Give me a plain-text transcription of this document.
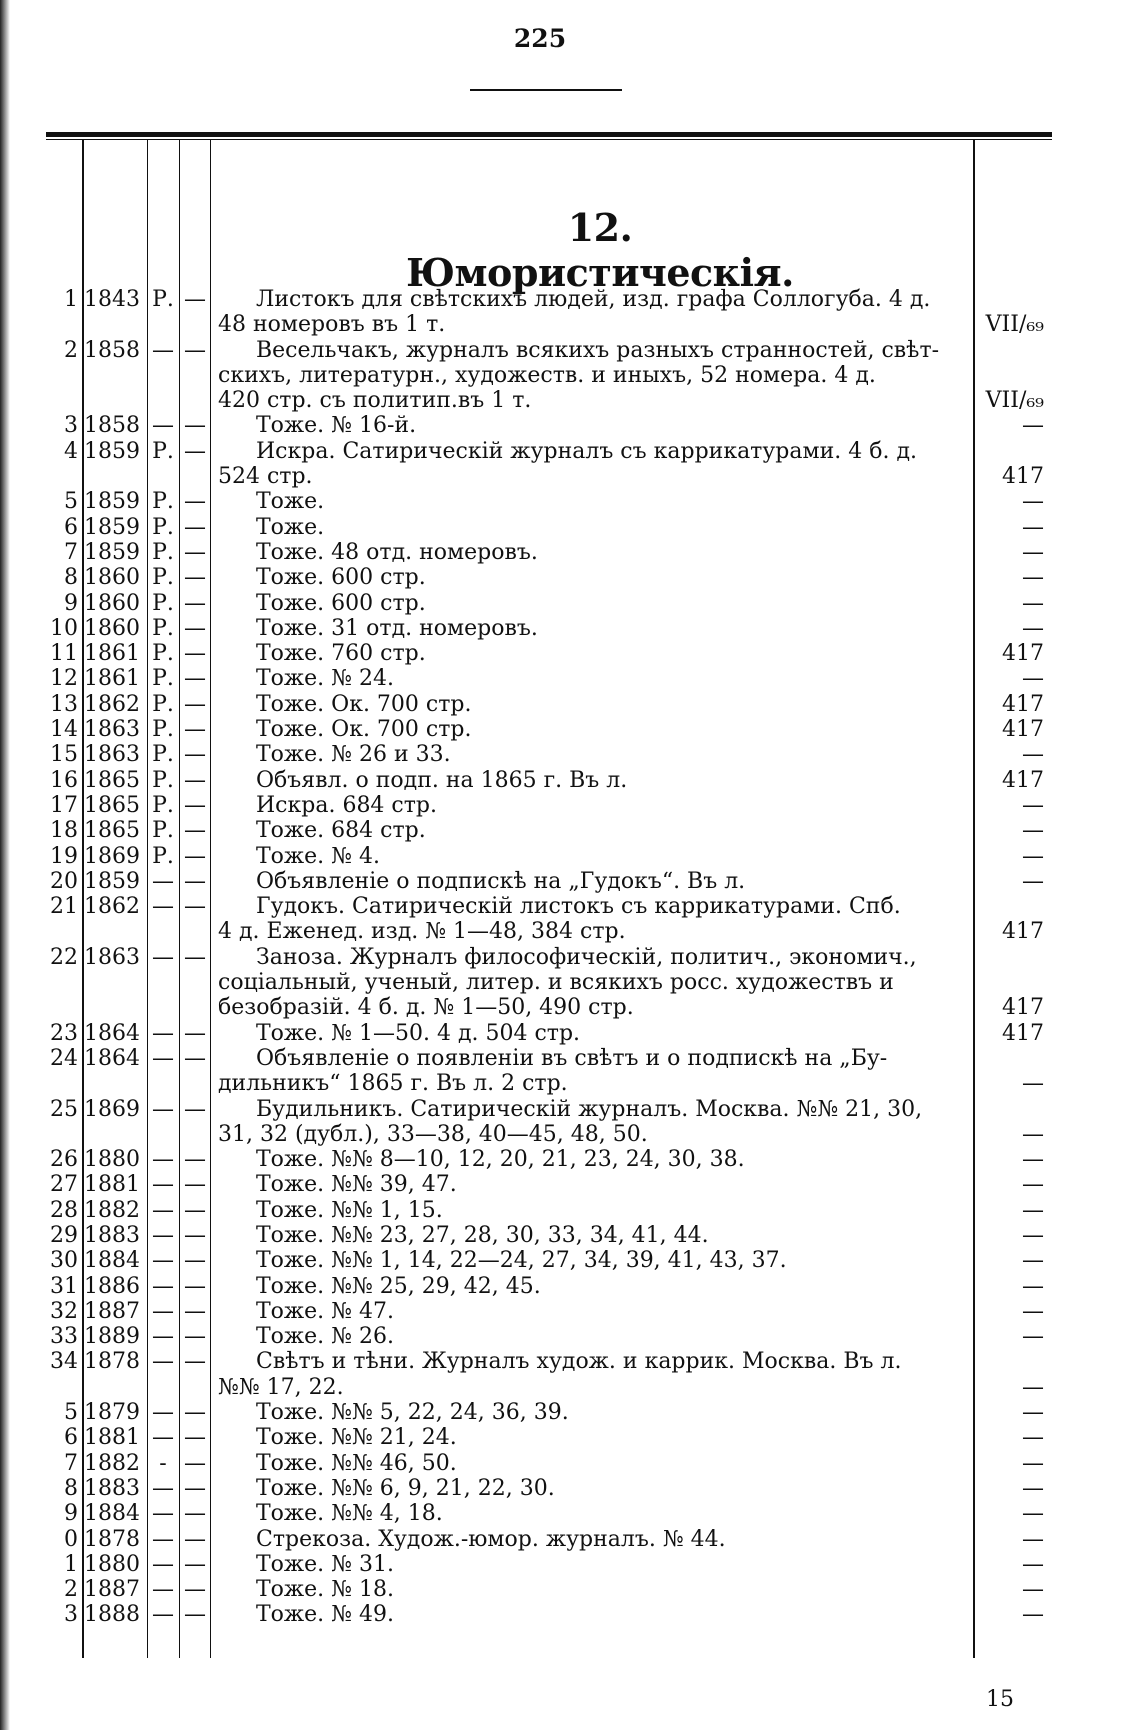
225
12. Юмористическія.
1 1843 Р. —	Листокъ для свѣтскихъ людей, изд. графа Соллогуба. 4 д.
48 номеровъ въ 1 т.	VII/₆₉
2 1858 — —	Весельчакъ, журналъ всякихъ разныхъ странностей, свѣт-
скихъ, литературн., художеств. и иныхъ, 52 номера. 4 д.
420 стр. съ политип.въ 1 т.	VII/₆₉
3 1858 — —	Тоже. № 16-й.	—
4 1859 Р. —	Искра. Сатирическій журналъ съ каррикатурами. 4 б. д.
524 стр.	417
5 1859 Р. —	Тоже.	—
6 1859 Р. —	Тоже.	—
7 1859 Р. —	Тоже. 48 отд. номеровъ.	—
8 1860 Р. —	Тоже. 600 стр.	—
9 1860 Р. —	Тоже. 600 стр.	—
10 1860 Р. —	Тоже. 31 отд. номеровъ.	—
11 1861 Р. —	Тоже. 760 стр.	417
12 1861 Р. —	Тоже. № 24.	—
13 1862 Р. —	Тоже. Ок. 700 стр.	417
14 1863 Р. —	Тоже. Ок. 700 стр.	417
15 1863 Р. —	Тоже. № 26 и 33.	—
16 1865 Р. —	Объявл. о подп. на 1865 г. Въ л.	417
17 1865 Р. —	Искра. 684 стр.	—
18 1865 Р. —	Тоже. 684 стр.	—
19 1869 Р. —	Тоже. № 4.	—
20 1859 — —	Объявленіе о подпискѣ на „Гудокъ“. Въ л.	—
21 1862 — —	Гудокъ. Сатирическій листокъ съ каррикатурами. Спб.
4 д. Еженед. изд. № 1—48, 384 стр.	417
22 1863 — —	Заноза. Журналъ философическій, политич., экономич.,
соціальный, ученый, литер. и всякихъ росс. художествъ и
безобразій. 4 б. д. № 1—50, 490 стр.	417
23 1864 — —	Тоже. № 1—50. 4 д. 504 стр.	417
24 1864 — —	Объявленіе о появленіи въ свѣтъ и о подпискѣ на „Бу-
дильникъ“ 1865 г. Въ л. 2 стр.	—
25 1869 — —	Будильникъ. Сатирическій журналъ. Москва. №№ 21, 30,
31, 32 (дубл.), 33—38, 40—45, 48, 50.	—
26 1880 — —	Тоже. №№ 8—10, 12, 20, 21, 23, 24, 30, 38.	—
27 1881 — —	Тоже. №№ 39, 47.	—
28 1882 — —	Тоже. №№ 1, 15.	—
29 1883 — —	Тоже. №№ 23, 27, 28, 30, 33, 34, 41, 44.	—
30 1884 — —	Тоже. №№ 1, 14, 22—24, 27, 34, 39, 41, 43, 37.	—
31 1886 — —	Тоже. №№ 25, 29, 42, 45.	—
32 1887 — —	Тоже. № 47.	—
33 1889 — —	Тоже. № 26.	—
34 1878 — —	Свѣтъ и тѣни. Журналъ худож. и каррик. Москва. Въ л.
№№ 17, 22.	—
5 1879 — —	Тоже. №№ 5, 22, 24, 36, 39.	—
6 1881 — —	Тоже. №№ 21, 24.	—
7 1882 - —	Тоже. №№ 46, 50.	—
8 1883 — —	Тоже. №№ 6, 9, 21, 22, 30.	—
9 1884 — —	Тоже. №№ 4, 18.	—
0 1878 — —	Стрекоза. Худож.-юмор. журналъ. № 44.	—
1 1880 — —	Тоже. № 31.	—
2 1887 — —	Тоже. № 18.	—
3 1888 — —	Тоже. № 49.	—
15
